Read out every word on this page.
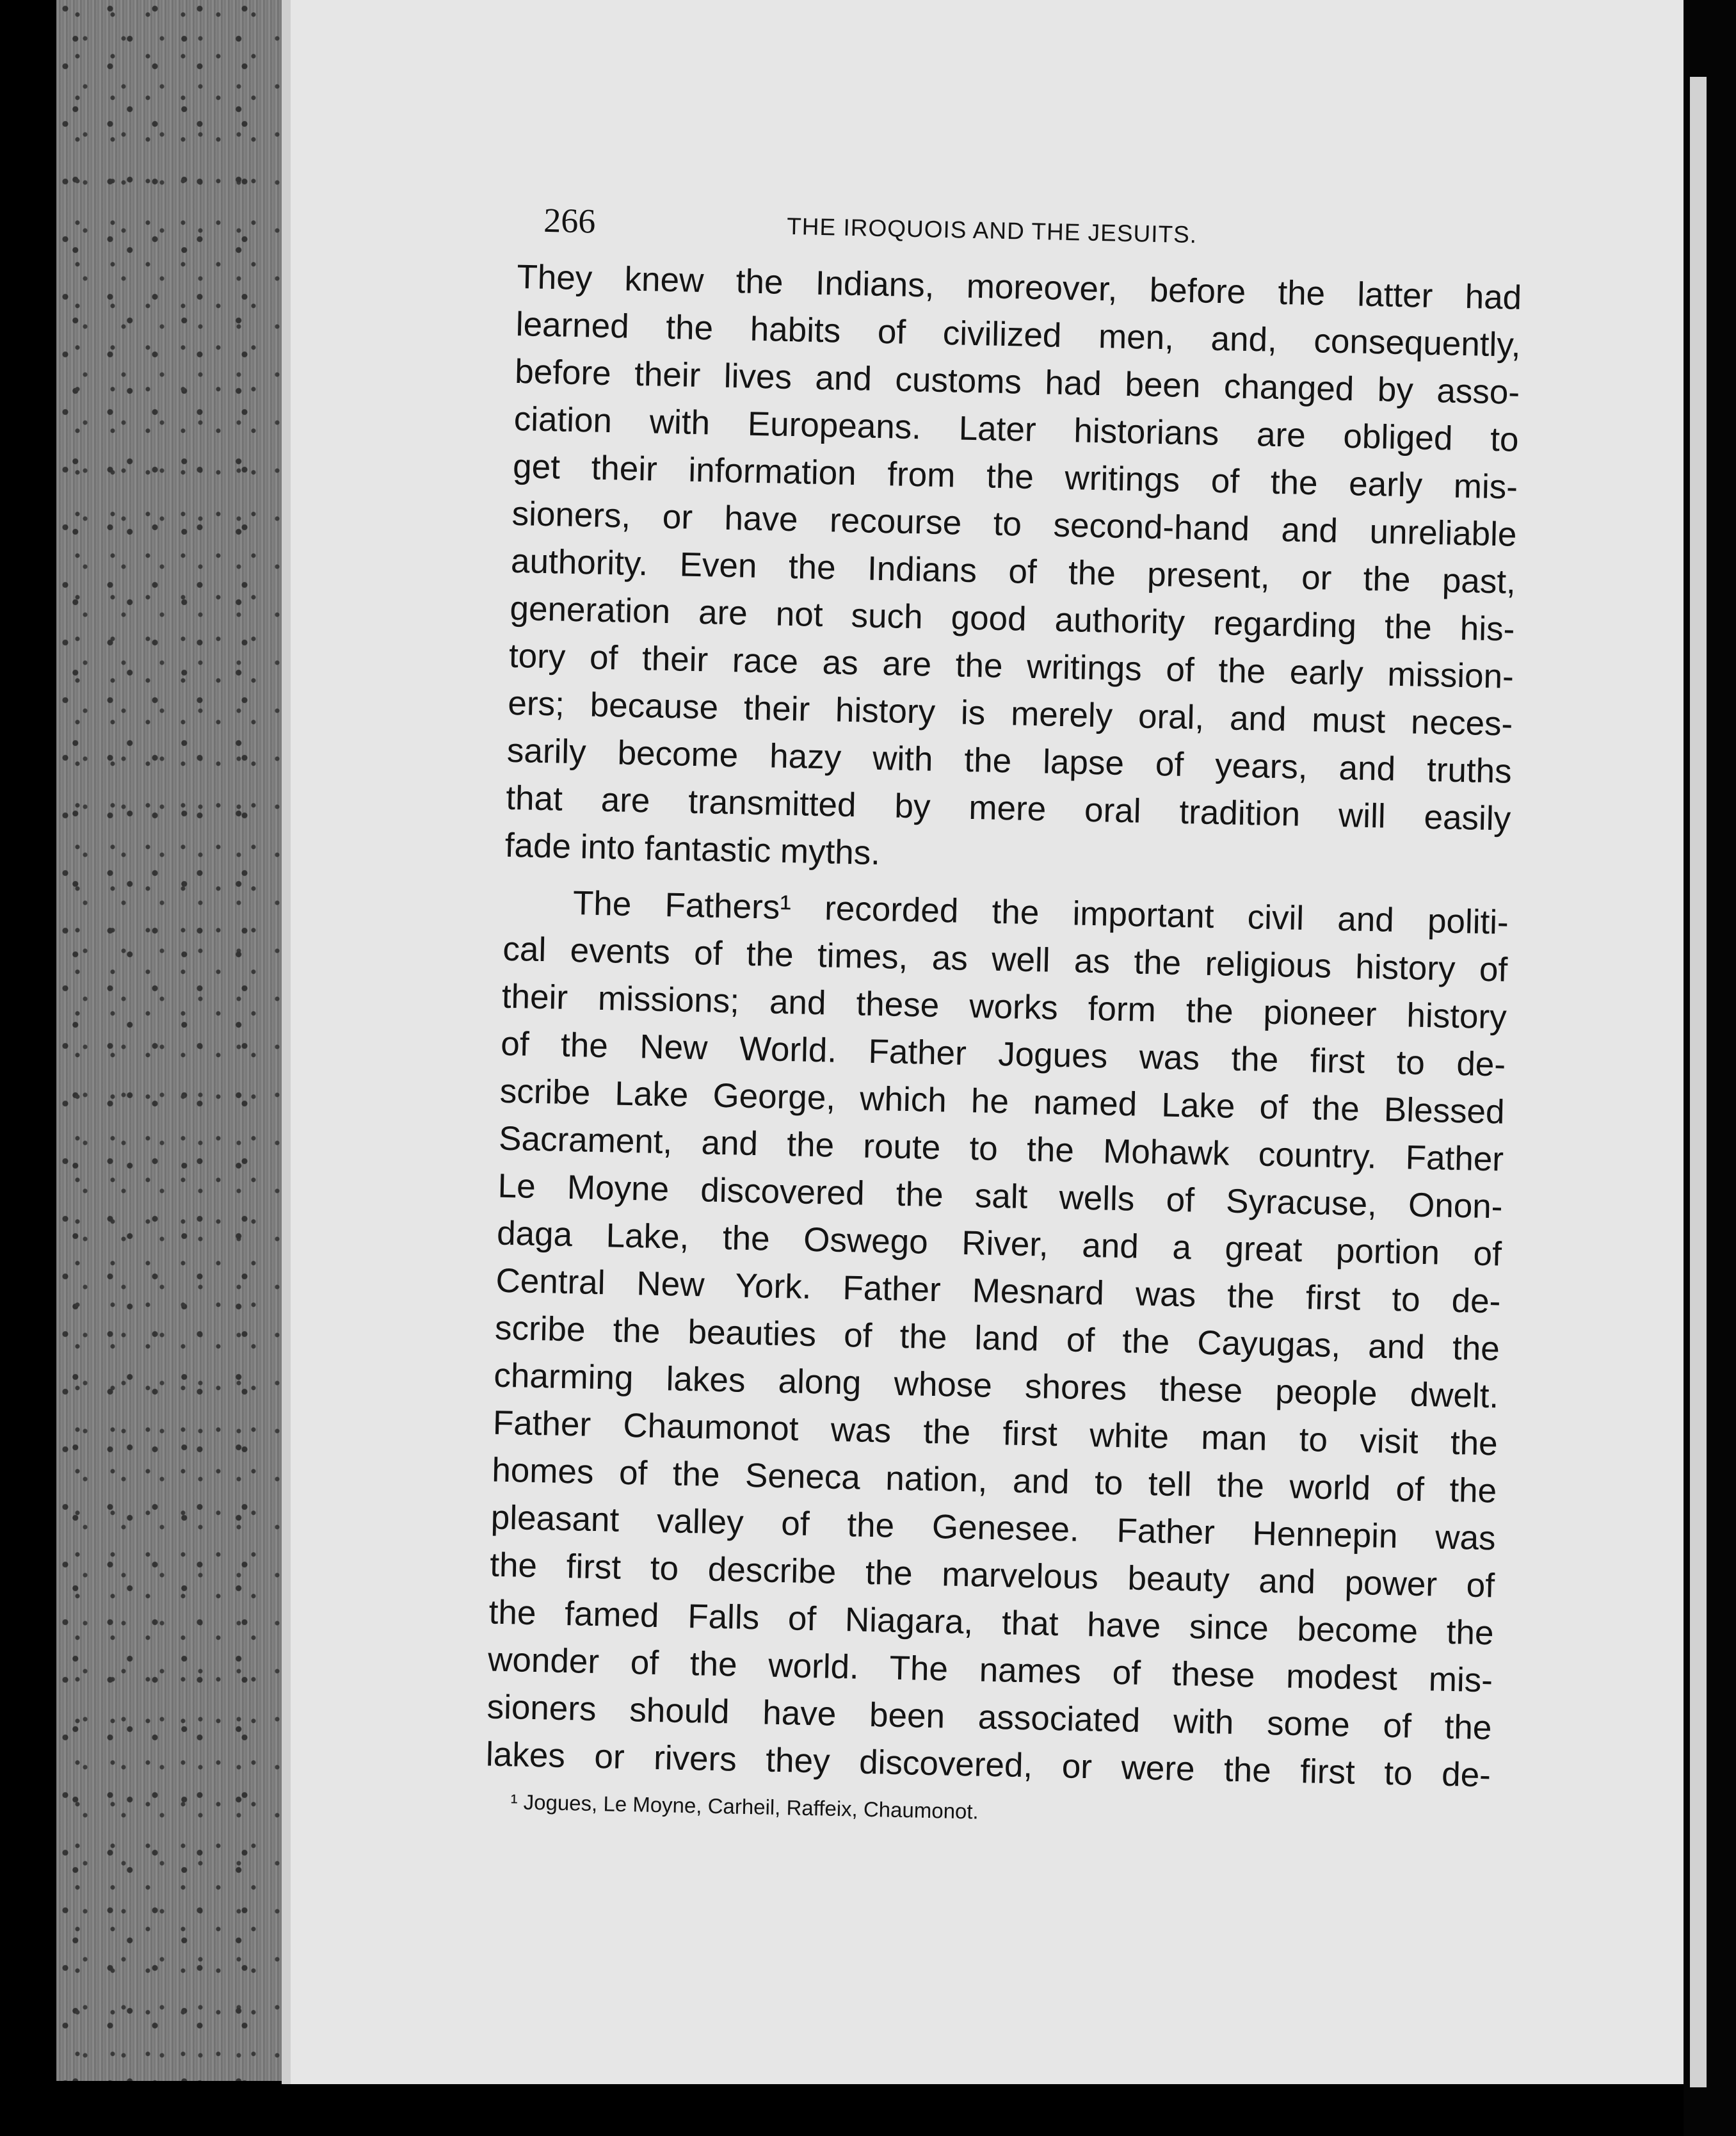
266	THE IROQUOIS AND THE JESUITS.
They knew the Indians, moreover, before the latter had
learned the habits of civilized men, and, consequently,
before their lives and customs had been changed by asso-
ciation with Europeans. Later historians are obliged to
get their information from the writings of the early mis-
sioners, or have recourse to second-hand and unreliable
authority. Even the Indians of the present, or the past,
generation are not such good authority regarding the his-
tory of their race as are the writings of the early mission-
ers; because their history is merely oral, and must neces-
sarily become hazy with the lapse of years, and truths
that are transmitted by mere oral tradition will easily
fade into fantastic myths.
The Fathers¹ recorded the important civil and politi-
cal events of the times, as well as the religious history of
their missions; and these works form the pioneer history
of the New World. Father Jogues was the first to de-
scribe Lake George, which he named Lake of the Blessed
Sacrament, and the route to the Mohawk country. Father
Le Moyne discovered the salt wells of Syracuse, Onon-
daga Lake, the Oswego River, and a great portion of
Central New York. Father Mesnard was the first to de-
scribe the beauties of the land of the Cayugas, and the
charming lakes along whose shores these people dwelt.
Father Chaumonot was the first white man to visit the
homes of the Seneca nation, and to tell the world of the
pleasant valley of the Genesee. Father Hennepin was
the first to describe the marvelous beauty and power of
the famed Falls of Niagara, that have since become the
wonder of the world. The names of these modest mis-
sioners should have been associated with some of the
lakes or rivers they discovered, or were the first to de-
¹ Jogues, Le Moyne, Carheil, Raffeix, Chaumonot.
